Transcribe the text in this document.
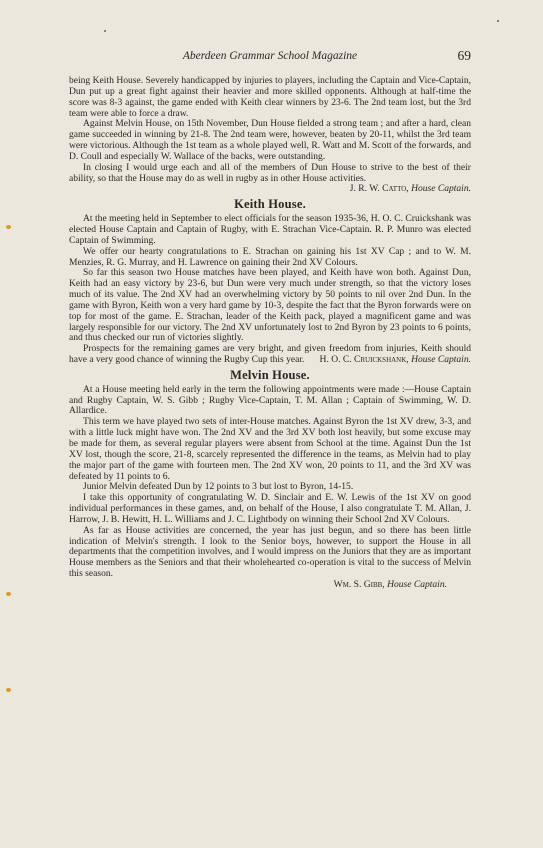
Aberdeen Grammar School Magazine	69

being Keith House. Severely handicapped by injuries to players, including the Captain and Vice-Captain, Dun put up a great fight against their heavier and more skilled opponents. Although at half-time the score was 8-3 against, the game ended with Keith clear winners by 23-6. The 2nd team lost, but the 3rd team were able to force a draw.

Against Melvin House, on 15th November, Dun House fielded a strong team ; and after a hard, clean game succeeded in winning by 21-8. The 2nd team were, however, beaten by 20-11, whilst the 3rd team were victorious. Although the 1st team as a whole played well, R. Watt and M. Scott of the forwards, and D. Coull and especially W. Wallace of the backs, were outstanding.

In closing I would urge each and all of the members of Dun House to strive to the best of their ability, so that the House may do as well in rugby as in other House activities.
J. R. W. Catto, House Captain.

Keith House.

At the meeting held in September to elect officials for the season 1935-36, H. O. C. Cruickshank was elected House Captain and Captain of Rugby, with E. Strachan Vice-Captain. R. P. Munro was elected Captain of Swimming.

We offer our hearty congratulations to E. Strachan on gaining his 1st XV Cap ; and to W. M. Menzies, R. G. Murray, and H. Lawrence on gaining their 2nd XV Colours.

So far this season two House matches have been played, and Keith have won both. Against Dun, Keith had an easy victory by 23-6, but Dun were very much under strength, so that the victory loses much of its value. The 2nd XV had an overwhelming victory by 50 points to nil over 2nd Dun. In the game with Byron, Keith won a very hard game by 10-3, despite the fact that the Byron forwards were on top for most of the game. E. Strachan, leader of the Keith pack, played a magnificent game and was largely responsible for our victory. The 2nd XV unfortunately lost to 2nd Byron by 23 points to 6 points, and thus checked our run of victories slightly.

Prospects for the remaining games are very bright, and given freedom from injuries, Keith should have a very good chance of winning the Rugby Cup this year. H. O. C. Cruickshank, House Captain.

Melvin House.

At a House meeting held early in the term the following appointments were made :—House Captain and Rugby Captain, W. S. Gibb ; Rugby Vice-Captain, T. M. Allan ; Captain of Swimming, W. D. Allardice.

This term we have played two sets of inter-House matches. Against Byron the 1st XV drew, 3-3, and with a little luck might have won. The 2nd XV and the 3rd XV both lost heavily, but some excuse may be made for them, as several regular players were absent from School at the time. Against Dun the 1st XV lost, though the score, 21-8, scarcely represented the difference in the teams, as Melvin had to play the major part of the game with fourteen men. The 2nd XV won, 20 points to 11, and the 3rd XV was defeated by 11 points to 6.

Junior Melvin defeated Dun by 12 points to 3 but lost to Byron, 14-15.

I take this opportunity of congratulating W. D. Sinclair and E. W. Lewis of the 1st XV on good individual performances in these games, and, on behalf of the House, I also congratulate T. M. Allan, J. Harrow, J. B. Hewitt, H. L. Williams and J. C. Lightbody on winning their School 2nd XV Colours.

As far as House activities are concerned, the year has just begun, and so there has been little indication of Melvin's strength. I look to the Senior boys, however, to support the House in all departments that the competition involves, and I would impress on the Juniors that they are as important House members as the Seniors and that their wholehearted co-operation is vital to the success of Melvin this season.

Wm. S. Gibb, House Captain.
